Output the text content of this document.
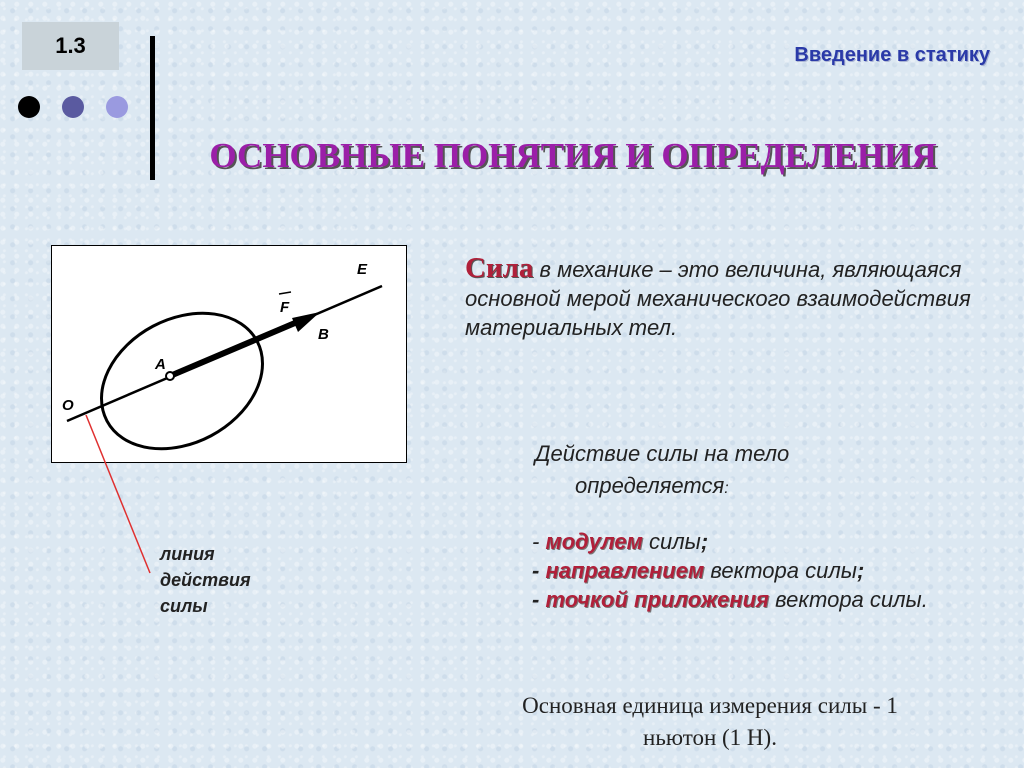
1.3	Введение в статику
ОСНОВНЫЕ ПОНЯТИЯ И ОПРЕДЕЛЕНИЯ
E
F
A
B
O
линия
действия
силы
Сила в механике – это величина, являющаяся основной мерой механического взаимодействия материальных тел.
Действие силы на тело
определяется:
- модулем силы;
- направлением вектора силы;
- точкой приложения вектора силы.
Основная единица измерения силы - 1
ньютон (1 Н).
